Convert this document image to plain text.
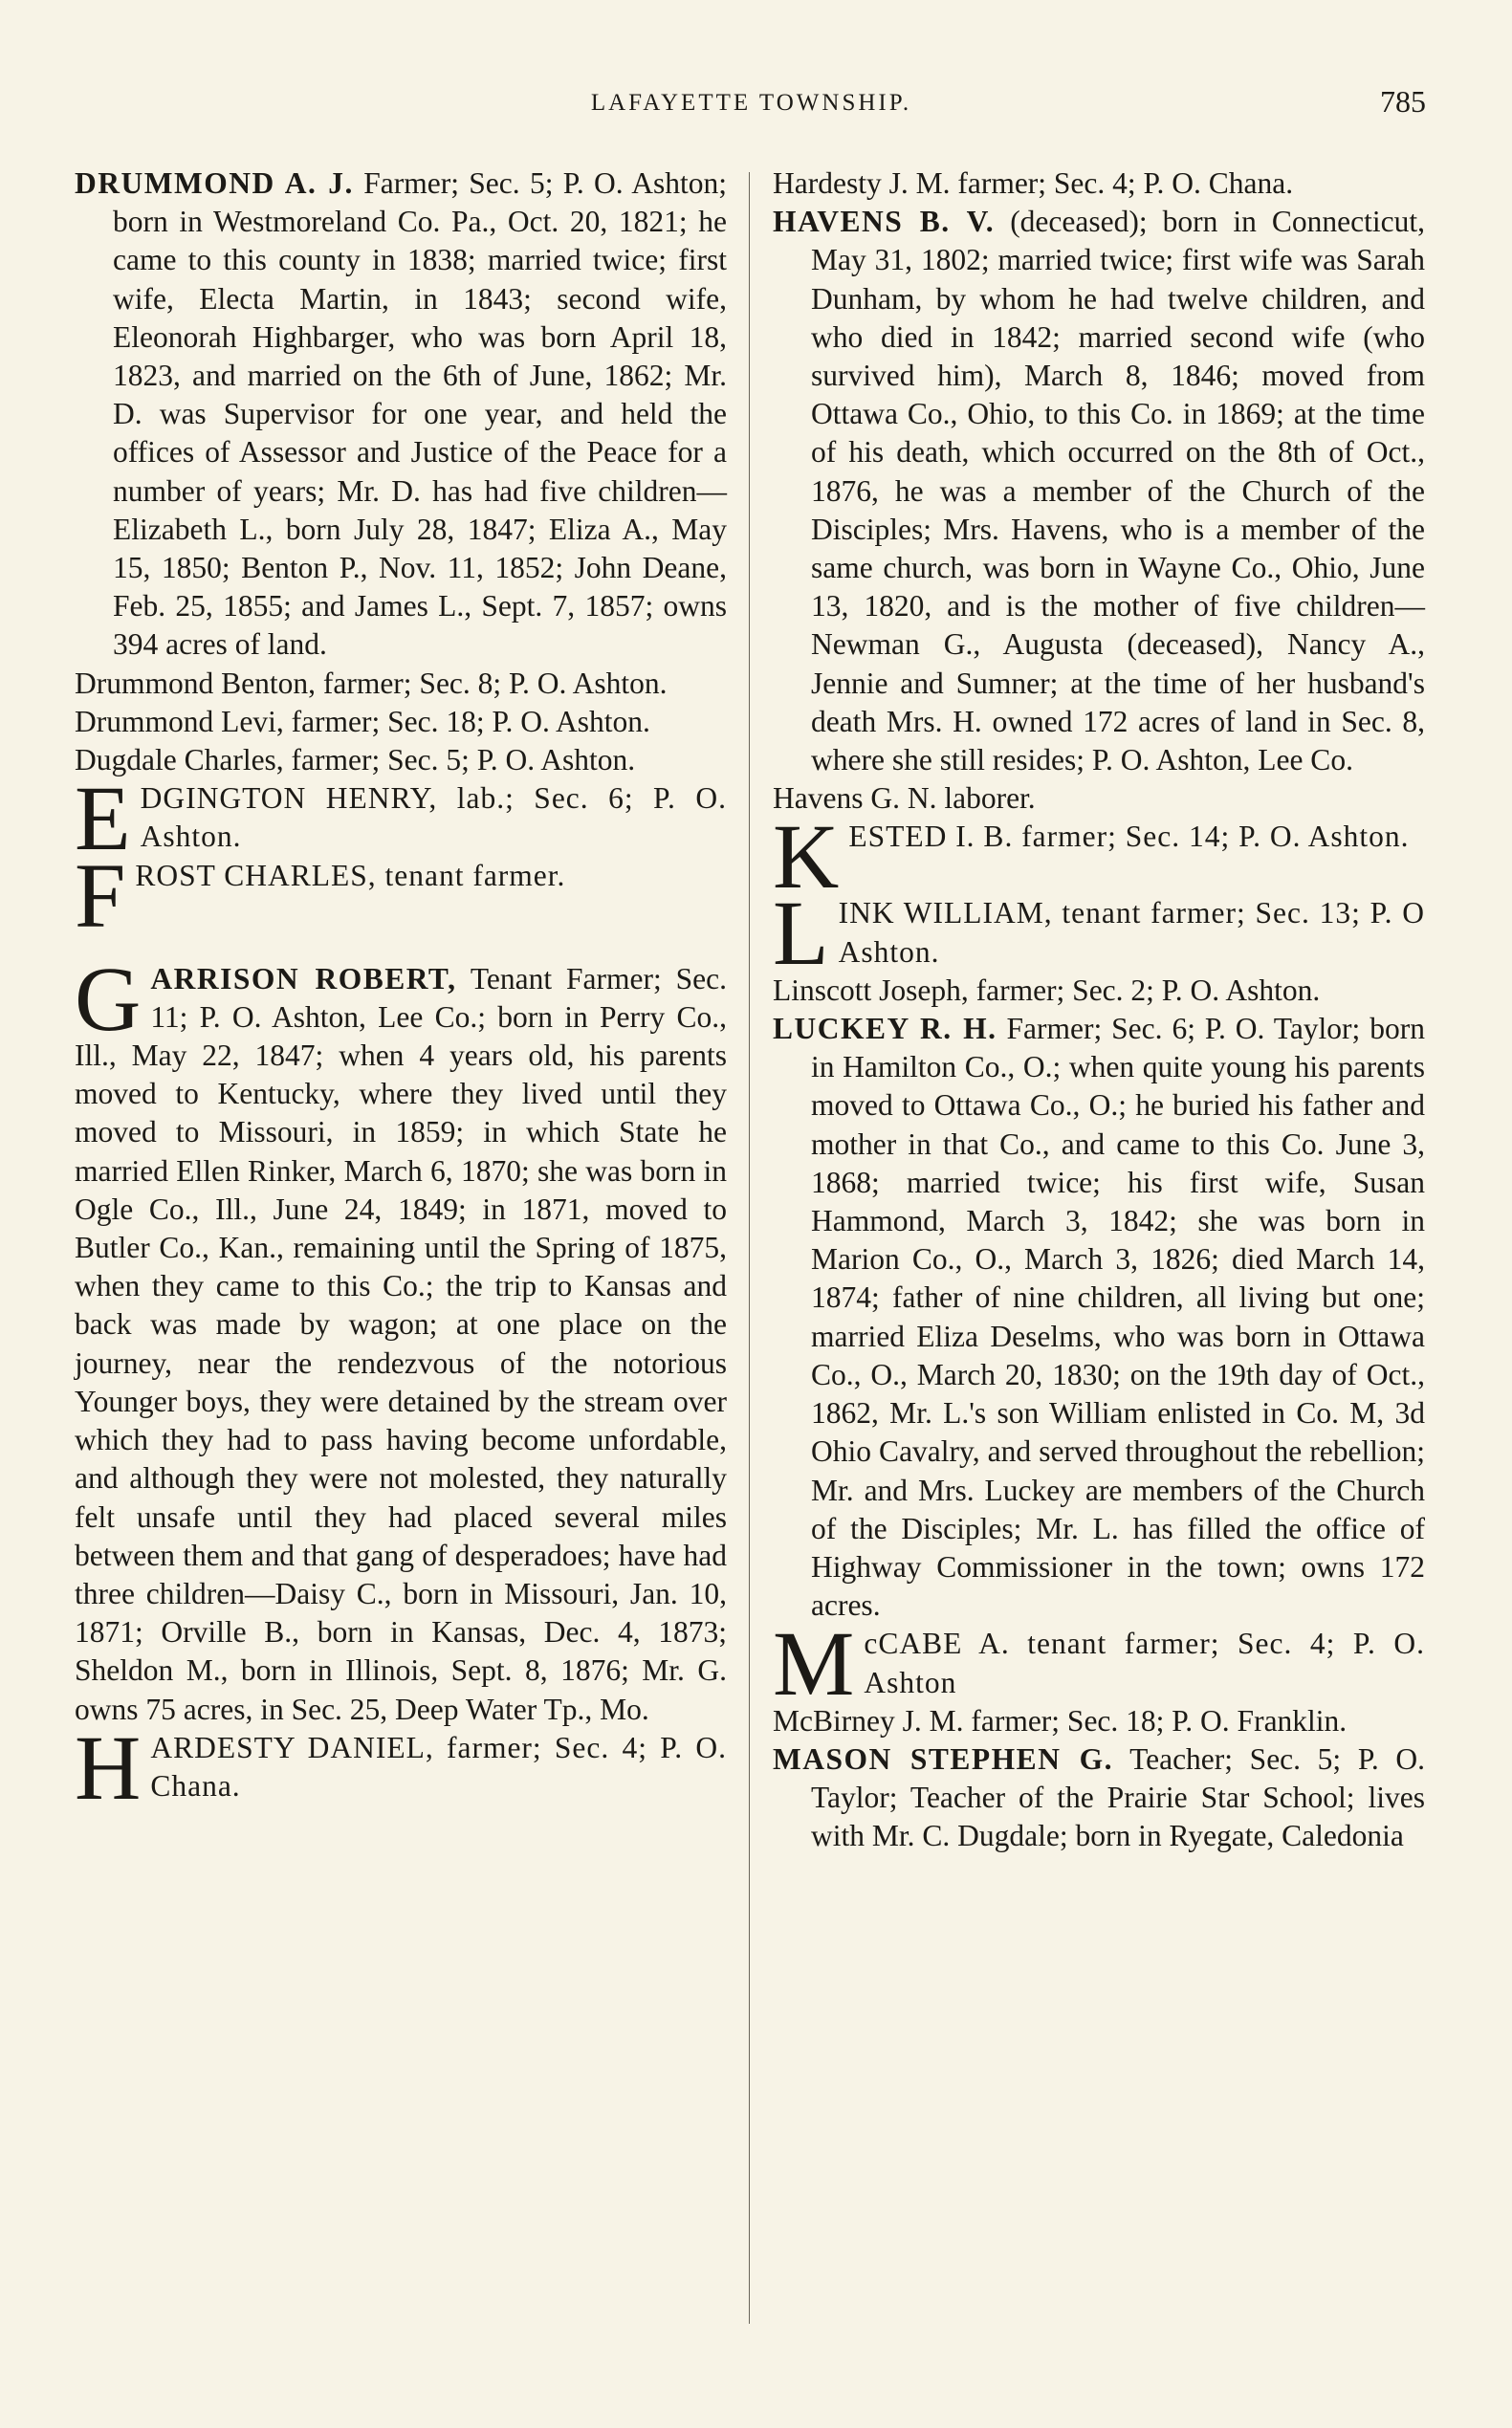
LAFAYETTE TOWNSHIP.	785

DRUMMOND A. J. Farmer; Sec. 5; P. O. Ashton; born in Westmoreland Co. Pa., Oct. 20, 1821; he came to this county in 1838; married twice; first wife, Electa Martin, in 1843; second wife, Eleonorah Highbarger, who was born April 18, 1823, and married on the 6th of June, 1862; Mr. D. was Supervisor for one year, and held the offices of Assessor and Justice of the Peace for a number of years; Mr. D. has had five children—Elizabeth L., born July 28, 1847; Eliza A., May 15, 1850; Benton P., Nov. 11, 1852; John Deane, Feb. 25, 1855; and James L., Sept. 7, 1857; owns 394 acres of land.

Drummond Benton, farmer; Sec. 8; P. O. Ashton.

Drummond Levi, farmer; Sec. 18; P. O. Ashton.

Dugdale Charles, farmer; Sec. 5; P. O. Ashton.

EDGINGTON HENRY, lab.; Sec. 6; P. O. Ashton.

FROST CHARLES, tenant farmer.

GARRISON ROBERT, Tenant Farmer; Sec. 11; P. O. Ashton, Lee Co.; born in Perry Co., Ill., May 22, 1847; when 4 years old, his parents moved to Kentucky, where they lived until they moved to Missouri, in 1859; in which State he married Ellen Rinker, March 6, 1870; she was born in Ogle Co., Ill., June 24, 1849; in 1871, moved to Butler Co., Kan., remaining until the Spring of 1875, when they came to this Co.; the trip to Kansas and back was made by wagon; at one place on the journey, near the rendezvous of the notorious Younger boys, they were detained by the stream over which they had to pass having become unfordable, and although they were not molested, they naturally felt unsafe until they had placed several miles between them and that gang of desperadoes; have had three children—Daisy C., born in Missouri, Jan. 10, 1871; Orville B., born in Kansas, Dec. 4, 1873; Sheldon M., born in Illinois, Sept. 8, 1876; Mr. G. owns 75 acres, in Sec. 25, Deep Water Tp., Mo.

HARDESTY DANIEL, farmer; Sec. 4; P. O. Chana.

Hardesty J. M. farmer; Sec. 4; P. O. Chana.

HAVENS B. V. (deceased); born in Connecticut, May 31, 1802; married twice; first wife was Sarah Dunham, by whom he had twelve children, and who died in 1842; married second wife (who survived him), March 8, 1846; moved from Ottawa Co., Ohio, to this Co. in 1869; at the time of his death, which occurred on the 8th of Oct., 1876, he was a member of the Church of the Disciples; Mrs. Havens, who is a member of the same church, was born in Wayne Co., Ohio, June 13, 1820, and is the mother of five children—Newman G., Augusta (deceased), Nancy A., Jennie and Sumner; at the time of her husband's death Mrs. H. owned 172 acres of land in Sec. 8, where she still resides; P. O. Ashton, Lee Co.

Havens G. N. laborer.

KESTED I. B. farmer; Sec. 14; P. O. Ashton.

LINK WILLIAM, tenant farmer; Sec. 13; P. O Ashton.

Linscott Joseph, farmer; Sec. 2; P. O. Ashton.

LUCKEY R. H. Farmer; Sec. 6; P. O. Taylor; born in Hamilton Co., O.; when quite young his parents moved to Ottawa Co., O.; he buried his father and mother in that Co., and came to this Co. June 3, 1868; married twice; his first wife, Susan Hammond, March 3, 1842; she was born in Marion Co., O., March 3, 1826; died March 14, 1874; father of nine children, all living but one; married Eliza Deselms, who was born in Ottawa Co., O., March 20, 1830; on the 19th day of Oct., 1862, Mr. L.'s son William enlisted in Co. M, 3d Ohio Cavalry, and served throughout the rebellion; Mr. and Mrs. Luckey are members of the Church of the Disciples; Mr. L. has filled the office of Highway Commissioner in the town; owns 172 acres.

McCABE A. tenant farmer; Sec. 4; P. O. Ashton

McBirney J. M. farmer; Sec. 18; P. O. Franklin.

MASON STEPHEN G. Teacher; Sec. 5; P. O. Taylor; Teacher of the Prairie Star School; lives with Mr. C. Dugdale; born in Ryegate, Caledonia
